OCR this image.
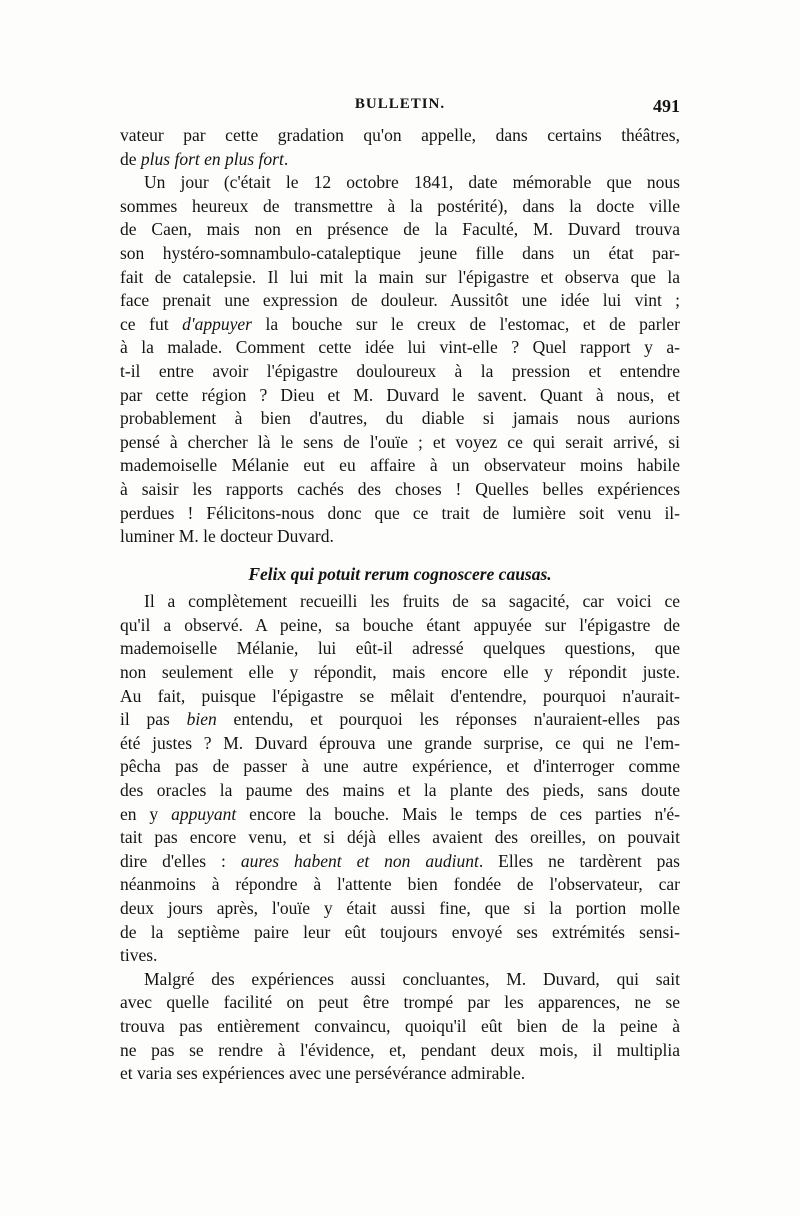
BULLETIN.	491
vateur par cette gradation qu'on appelle, dans certains théâtres,
de plus fort en plus fort.
Un jour (c'était le 12 octobre 1841, date mémorable que nous
sommes heureux de transmettre à la postérité), dans la docte ville
de Caen, mais non en présence de la Faculté, M. Duvard trouva
son hystéro-somnambulo-cataleptique jeune fille dans un état par-
fait de catalepsie. Il lui mit la main sur l'épigastre et observa que la
face prenait une expression de douleur. Aussitôt une idée lui vint ;
ce fut d'appuyer la bouche sur le creux de l'estomac, et de parler
à la malade. Comment cette idée lui vint-elle ? Quel rapport y a-
t-il entre avoir l'épigastre douloureux à la pression et entendre
par cette région ? Dieu et M. Duvard le savent. Quant à nous, et
probablement à bien d'autres, du diable si jamais nous aurions
pensé à chercher là le sens de l'ouïe ; et voyez ce qui serait arrivé, si
mademoiselle Mélanie eut eu affaire à un observateur moins habile
à saisir les rapports cachés des choses ! Quelles belles expériences
perdues ! Félicitons-nous donc que ce trait de lumière soit venu il-
luminer M. le docteur Duvard.
Felix qui potuit rerum cognoscere causas.
Il a complètement recueilli les fruits de sa sagacité, car voici ce
qu'il a observé. A peine, sa bouche étant appuyée sur l'épigastre de
mademoiselle Mélanie, lui eût-il adressé quelques questions, que
non seulement elle y répondit, mais encore elle y répondit juste.
Au fait, puisque l'épigastre se mêlait d'entendre, pourquoi n'aurait-
il pas bien entendu, et pourquoi les réponses n'auraient-elles pas
été justes ? M. Duvard éprouva une grande surprise, ce qui ne l'em-
pêcha pas de passer à une autre expérience, et d'interroger comme
des oracles la paume des mains et la plante des pieds, sans doute
en y appuyant encore la bouche. Mais le temps de ces parties n'é-
tait pas encore venu, et si déjà elles avaient des oreilles, on pouvait
dire d'elles : aures habent et non audiunt. Elles ne tardèrent pas
néanmoins à répondre à l'attente bien fondée de l'observateur, car
deux jours après, l'ouïe y était aussi fine, que si la portion molle
de la septième paire leur eût toujours envoyé ses extrémités sensi-
tives.
Malgré des expériences aussi concluantes, M. Duvard, qui sait
avec quelle facilité on peut être trompé par les apparences, ne se
trouva pas entièrement convaincu, quoiqu'il eût bien de la peine à
ne pas se rendre à l'évidence, et, pendant deux mois, il multiplia
et varia ses expériences avec une persévérance admirable.
